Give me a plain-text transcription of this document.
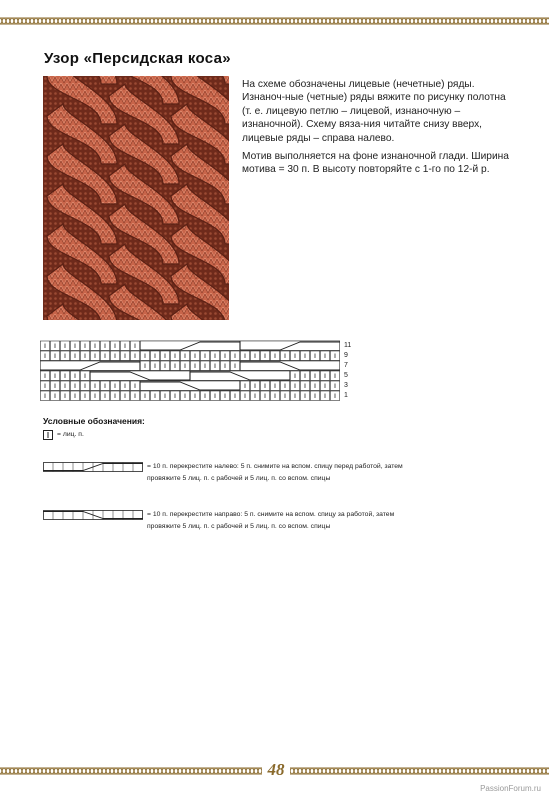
Узор «Персидская коса»

На схеме обозначены лицевые (нечетные) ряды. Изнаноч-ные (четные) ряды вяжите по рисунку полотна (т. е. лицевую петлю – лицевой, изнаночную – изнаночной). Схему вяза-ния читайте снизу вверх, лицевые ряды – справа налево.

Мотив выполняется на фоне изнаночной глади. Ширина мотива = 30 п. В высоту повторяйте с 1-го по 12-й р.

11
9
7
5
3
1
Условные обозначения:
= лиц. п.
= 10 п. перекрестите налево: 5 п. снимите на вспом. спицу перед работой, затем
провяжите 5 лиц. п. с рабочей и 5 лиц. п. со вспом. спицы
= 10 п. перекрестите направо: 5 п. снимите на вспом. спицу за работой, затем
провяжите 5 лиц. п. с рабочей и 5 лиц. п. со вспом. спицы
48
PassionForum.ru
